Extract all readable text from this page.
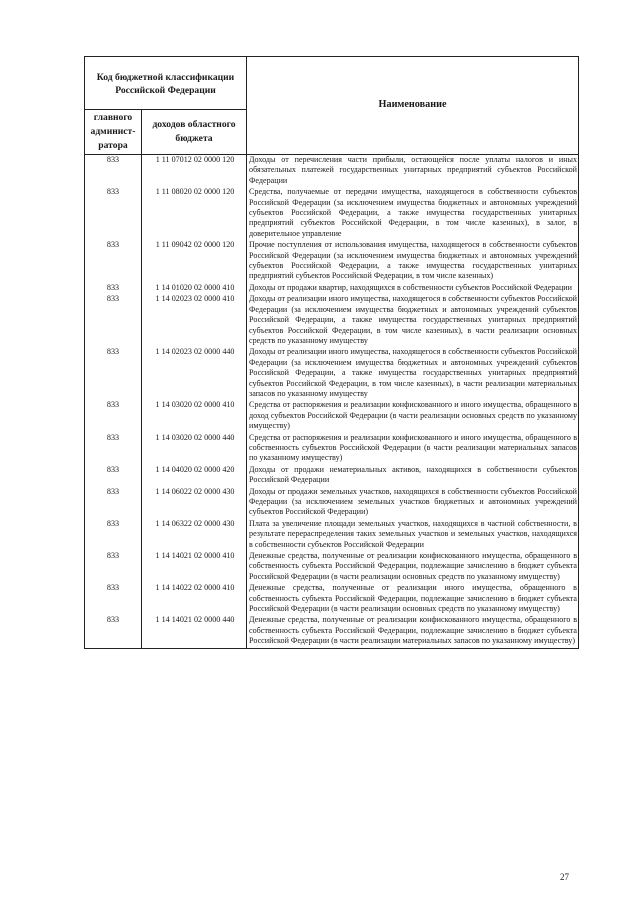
Код бюджетной классификации Российской Федерации		Наименование
главного админист-ратора	доходов областного бюджета	
833	1 11 07012 02 0000 120	Доходы от перечисления части прибыли, остающейся после уплаты налогов и иных обязательных платежей государственных унитарных предприятий субъектов Российской Федерации
833	1 11 08020 02 0000 120	Средства, получаемые от передачи имущества, находящегося в собственности субъектов Российской Федерации (за исключением имущества бюджетных и автономных учреждений субъектов Российской Федерации, а также имущества государственных унитарных предприятий субъектов Российской Федерации, в том числе казенных), в залог, в доверительное управление
833	1 11 09042 02 0000 120	Прочие поступления от использования имущества, находящегося в собственности субъектов Российской Федерации (за исключением имущества бюджетных и автономных учреждений субъектов Российской Федерации, а также имущества государственных унитарных предприятий субъектов Российской Федерации, в том числе казенных)
833	1 14 01020 02 0000 410	Доходы от продажи квартир, находящихся в собственности субъектов Российской Федерации
833	1 14 02023 02 0000 410	Доходы от реализации иного имущества, находящегося в собственности субъектов Российской Федерации (за исключением имущества бюджетных и автономных учреждений субъектов Российской Федерации, а также имущества государственных унитарных предприятий субъектов Российской Федерации, в том числе казенных), в части реализации основных средств по указанному имуществу
833	1 14 02023 02 0000 440	Доходы от реализации иного имущества, находящегося в собственности субъектов Российской Федерации (за исключением имущества бюджетных и автономных учреждений субъектов Российской Федерации, а также имущества государственных унитарных предприятий субъектов Российской Федерации, в том числе казенных), в части реализации материальных запасов по указанному имуществу
833	1 14 03020 02 0000 410	Средства от распоряжения и реализации конфискованного и иного имущества, обращенного в доход субъектов Российской Федерации (в части реализации основных средств по указанному имуществу)
833	1 14 03020 02 0000 440	Средства от распоряжения и реализации конфискованного и иного имущества, обращенного в собственность субъектов Российской Федерации (в части реализации материальных запасов по указанному имуществу)
833	1 14 04020 02 0000 420	Доходы от продажи нематериальных активов, находящихся в собственности субъектов Российской Федерации
833	1 14 06022 02 0000 430	Доходы от продажи земельных участков, находящихся в собственности субъектов Российской Федерации (за исключением земельных участков бюджетных и автономных учреждений субъектов Российской Федерации)
833	1 14 06322 02 0000 430	Плата за увеличение площади земельных участков, находящихся в частной собственности, в результате перераспределения таких земельных участков и земельных участков, находящихся в собственности субъектов Российской Федерации
833	1 14 14021 02 0000 410	Денежные средства, полученные от реализации конфискованного имущества, обращенного в собственность субъекта Российской Федерации, подлежащие зачислению в бюджет субъекта Российской Федерации (в части реализации основных средств по указанному имуществу)
833	1 14 14022 02 0000 410	Денежные средства, полученные от реализации иного имущества, обращенного в собственность субъекта Российской Федерации, подлежащие зачислению в бюджет субъекта Российской Федерации (в части реализации основных средств по указанному имуществу)
833	1 14 14021 02 0000 440	Денежные средства, полученные от реализации конфискованного имущества, обращенного в собственность субъекта Российской Федерации, подлежащие зачислению в бюджет субъекта Российской Федерации (в части реализации материальных запасов по указанному имуществу)
27
